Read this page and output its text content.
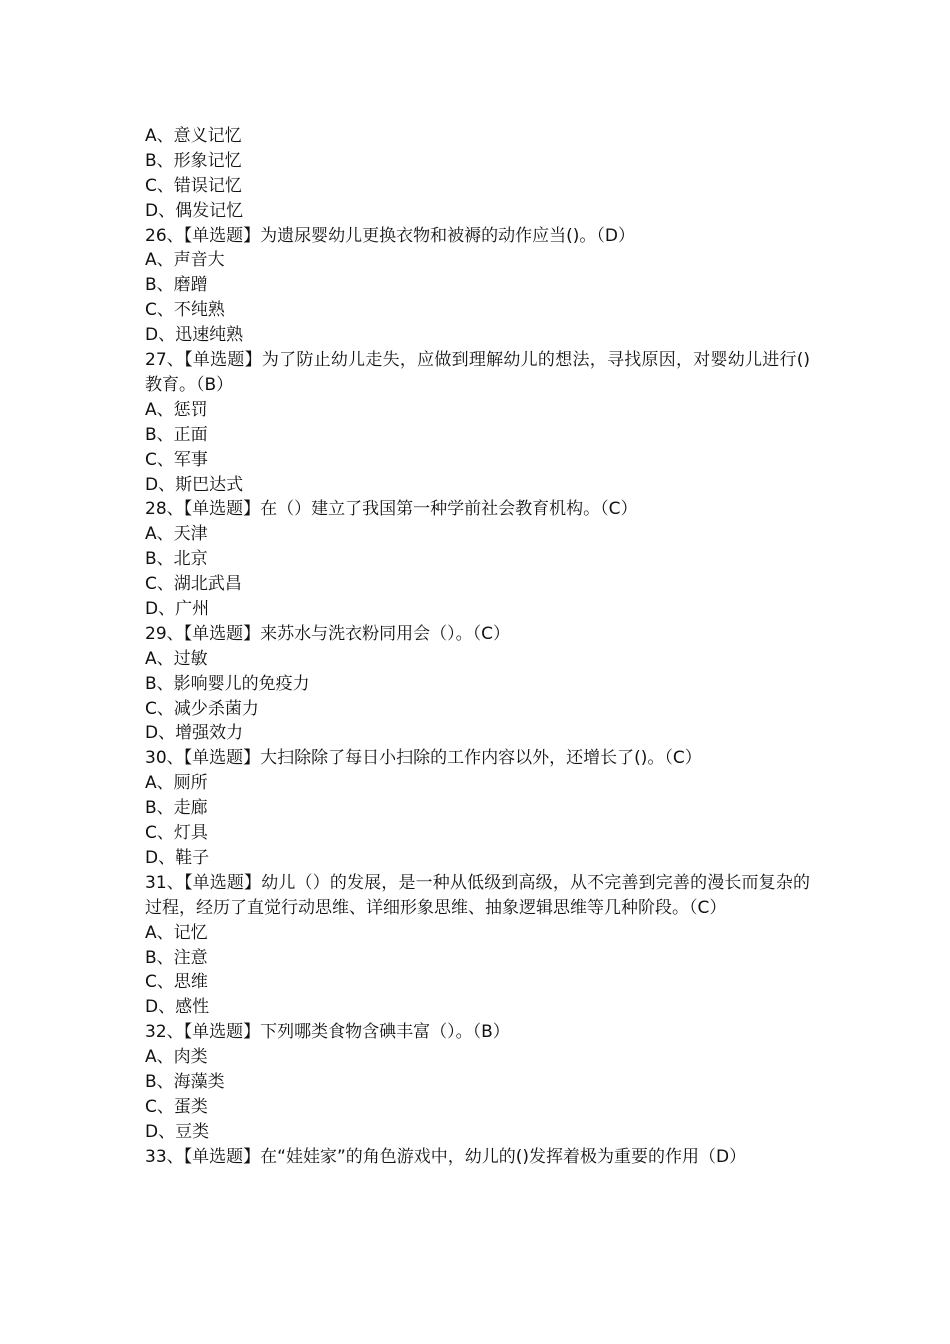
A、意义记忆
B、形象记忆
C、错误记忆
D、偶发记忆
26、【单选题】为遗尿婴幼儿更换衣物和被褥的动作应当()。（D）
A、声音大
B、磨蹭
C、不纯熟
D、迅速纯熟
27、【单选题】为了防止幼儿走失，应做到理解幼儿的想法，寻找原因，对婴幼儿进行()教育。（B）
A、惩罚
B、正面
C、军事
D、斯巴达式
28、【单选题】在（）建立了我国第一种学前社会教育机构。（C）
A、天津
B、北京
C、湖北武昌
D、广州
29、【单选题】来苏水与洗衣粉同用会（）。（C）
A、过敏
B、影响婴儿的免疫力
C、减少杀菌力
D、增强效力
30、【单选题】大扫除除了每日小扫除的工作内容以外，还增长了()。（C）
A、厕所
B、走廊
C、灯具
D、鞋子
31、【单选题】幼儿（）的发展，是一种从低级到高级，从不完善到完善的漫长而复杂的过程，经历了直觉行动思维、详细形象思维、抽象逻辑思维等几种阶段。（C）
A、记忆
B、注意
C、思维
D、感性
32、【单选题】下列哪类食物含碘丰富（）。（B）
A、肉类
B、海藻类
C、蛋类
D、豆类
33、【单选题】在“娃娃家”的角色游戏中，幼儿的()发挥着极为重要的作用（D）
